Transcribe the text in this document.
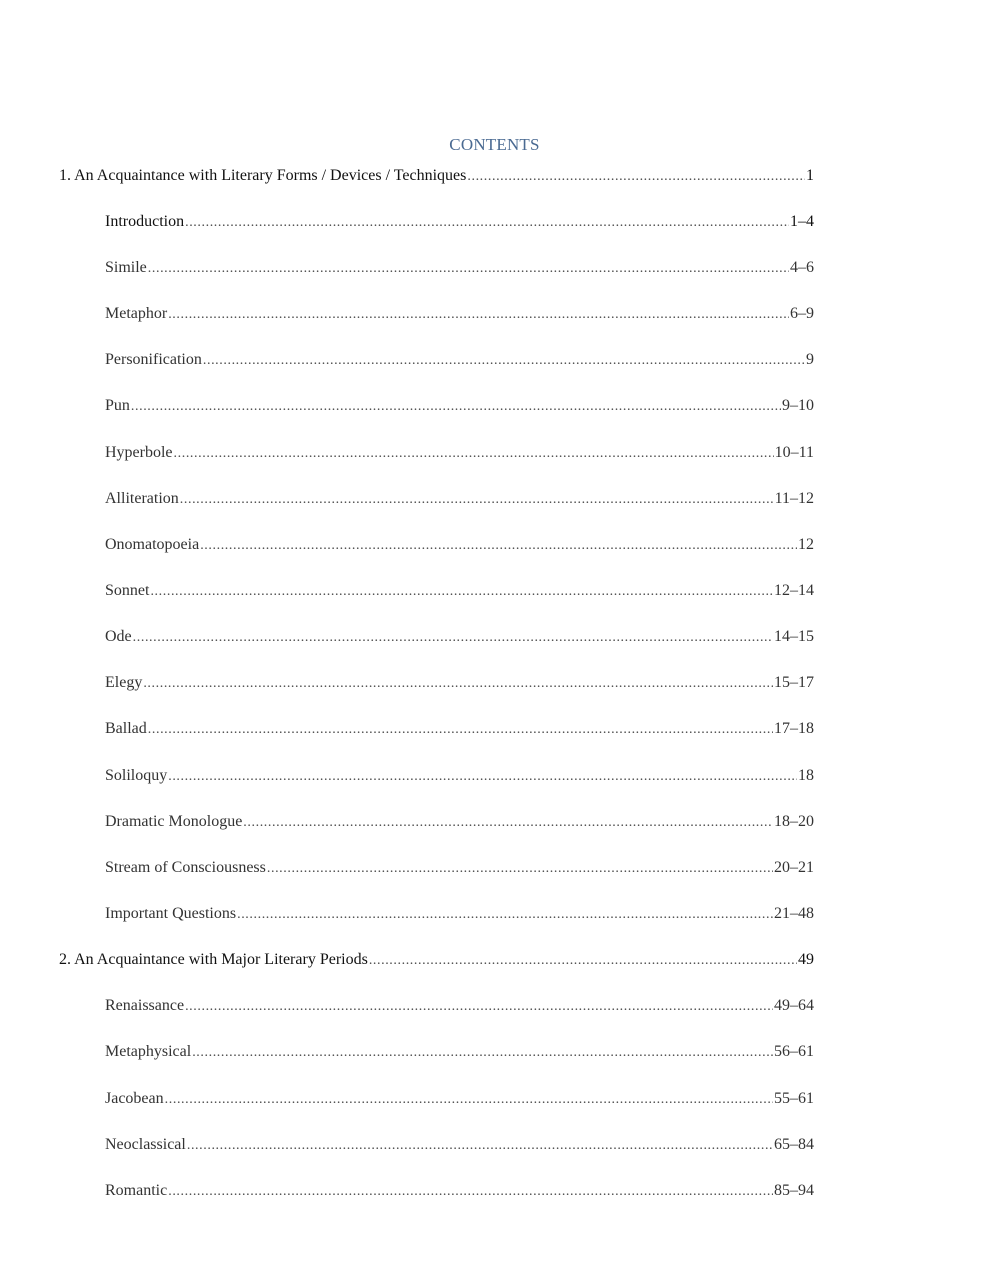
CONTENTS
1. An Acquaintance with Literary Forms / Devices / Techniques .....	1
Introduction .....	1–4
Simile .....	4–6
Metaphor .....	6–9
Personification .....	9
Pun .....	9–10
Hyperbole .....	10–11
Alliteration .....	11–12
Onomatopoeia .....	12
Sonnet .....	12–14
Ode .....	14–15
Elegy .....	15–17
Ballad .....	17–18
Soliloquy .....	18
Dramatic Monologue .....	18–20
Stream of Consciousness .....	20–21
Important Questions .....	21–48
2. An Acquaintance with Major Literary Periods .....	49
Renaissance .....	49–64
Metaphysical .....	56–61
Jacobean .....	55–61
Neoclassical .....	65–84
Romantic .....	85–94
